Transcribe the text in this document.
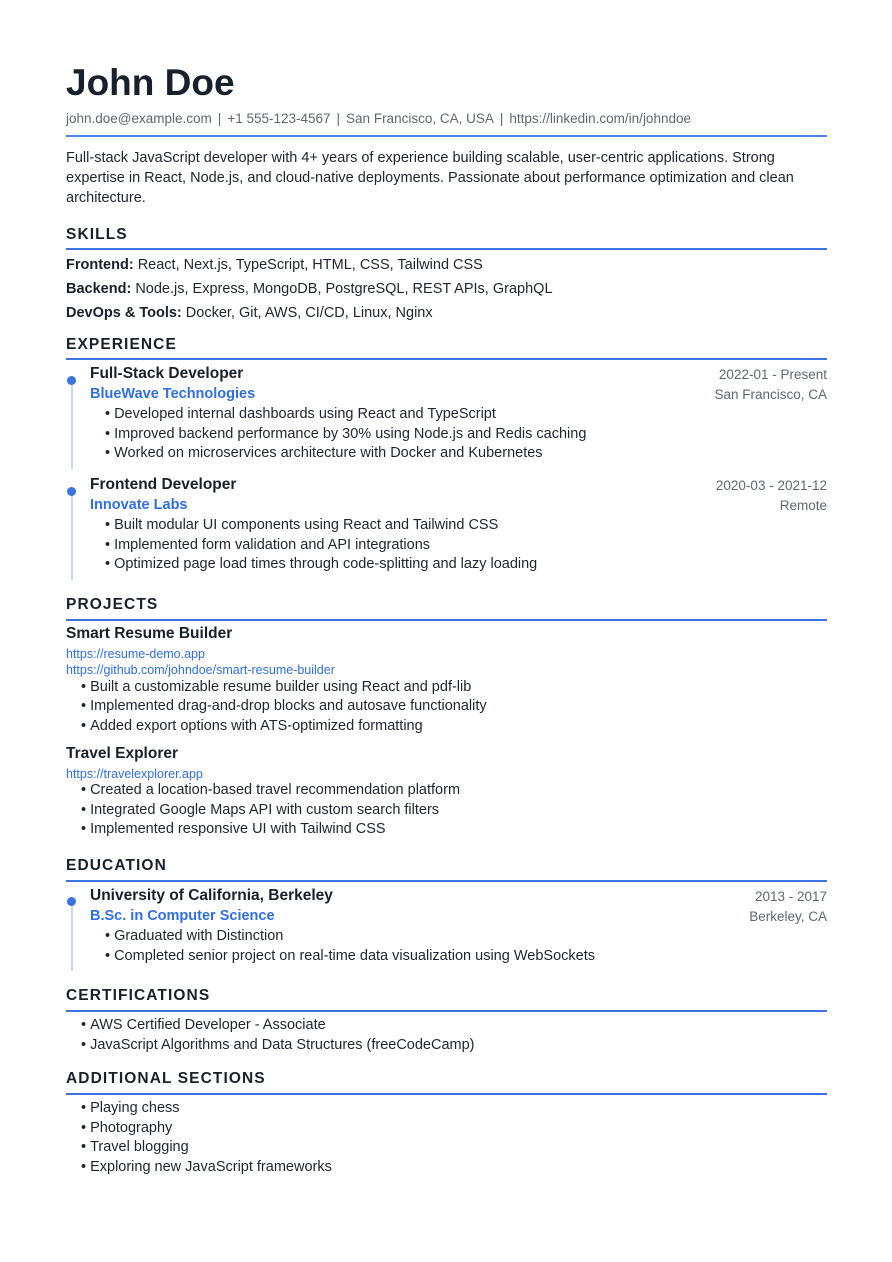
John Doe
john.doe@example.com | +1 555-123-4567 | San Francisco, CA, USA | https://linkedin.com/in/johndoe
Full-stack JavaScript developer with 4+ years of experience building scalable, user-centric applications. Strong expertise in React, Node.js, and cloud-native deployments. Passionate about performance optimization and clean architecture.
SKILLS
Frontend: React, Next.js, TypeScript, HTML, CSS, Tailwind CSS
Backend: Node.js, Express, MongoDB, PostgreSQL, REST APIs, GraphQL
DevOps & Tools: Docker, Git, AWS, CI/CD, Linux, Nginx
EXPERIENCE
Full-Stack Developer	2022-01 - Present
BlueWave Technologies	San Francisco, CA
• Developed internal dashboards using React and TypeScript
• Improved backend performance by 30% using Node.js and Redis caching
• Worked on microservices architecture with Docker and Kubernetes
Frontend Developer	2020-03 - 2021-12
Innovate Labs	Remote
• Built modular UI components using React and Tailwind CSS
• Implemented form validation and API integrations
• Optimized page load times through code-splitting and lazy loading
PROJECTS
Smart Resume Builder
https://resume-demo.app
https://github.com/johndoe/smart-resume-builder
• Built a customizable resume builder using React and pdf-lib
• Implemented drag-and-drop blocks and autosave functionality
• Added export options with ATS-optimized formatting
Travel Explorer
https://travelexplorer.app
• Created a location-based travel recommendation platform
• Integrated Google Maps API with custom search filters
• Implemented responsive UI with Tailwind CSS
EDUCATION
University of California, Berkeley	2013 - 2017
B.Sc. in Computer Science	Berkeley, CA
• Graduated with Distinction
• Completed senior project on real-time data visualization using WebSockets
CERTIFICATIONS
• AWS Certified Developer - Associate
• JavaScript Algorithms and Data Structures (freeCodeCamp)
ADDITIONAL SECTIONS
• Playing chess
• Photography
• Travel blogging
• Exploring new JavaScript frameworks
